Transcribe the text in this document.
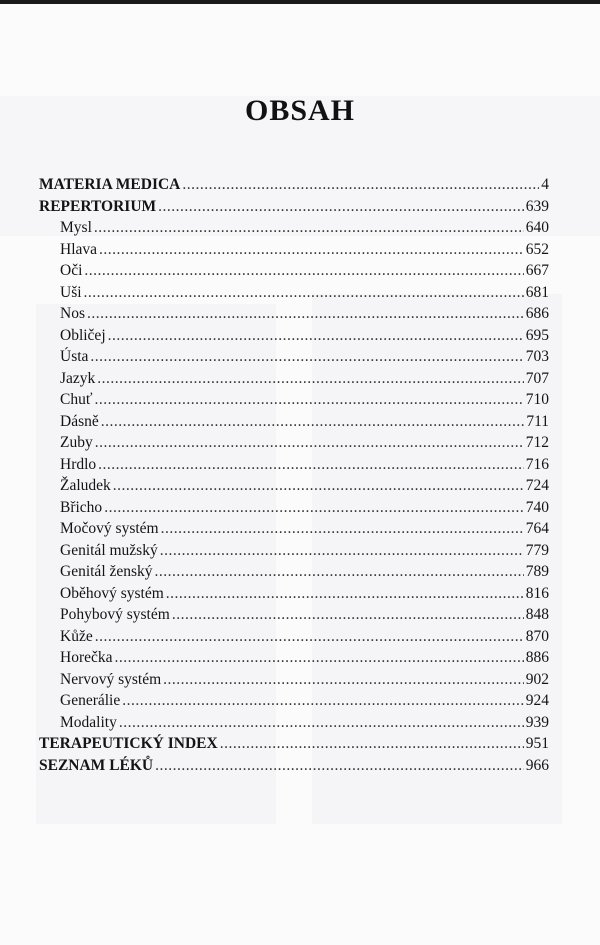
OBSAH
MATERIA MEDICA .....	4
REPERTORIUM .....	639
Mysl .....	640
Hlava .....	652
Oči .....	667
Uši .....	681
Nos .....	686
Obličej .....	695
Ústa .....	703
Jazyk .....	707
Chuť .....	710
Dásně .....	711
Zuby .....	712
Hrdlo .....	716
Žaludek .....	724
Břicho .....	740
Močový systém .....	764
Genitál mužský .....	779
Genitál ženský .....	789
Oběhový systém .....	816
Pohybový systém .....	848
Kůže .....	870
Horečka .....	886
Nervový systém .....	902
Generálie .....	924
Modality .....	939
TERAPEUTICKÝ INDEX .....	951
SEZNAM LÉKŮ .....	966
